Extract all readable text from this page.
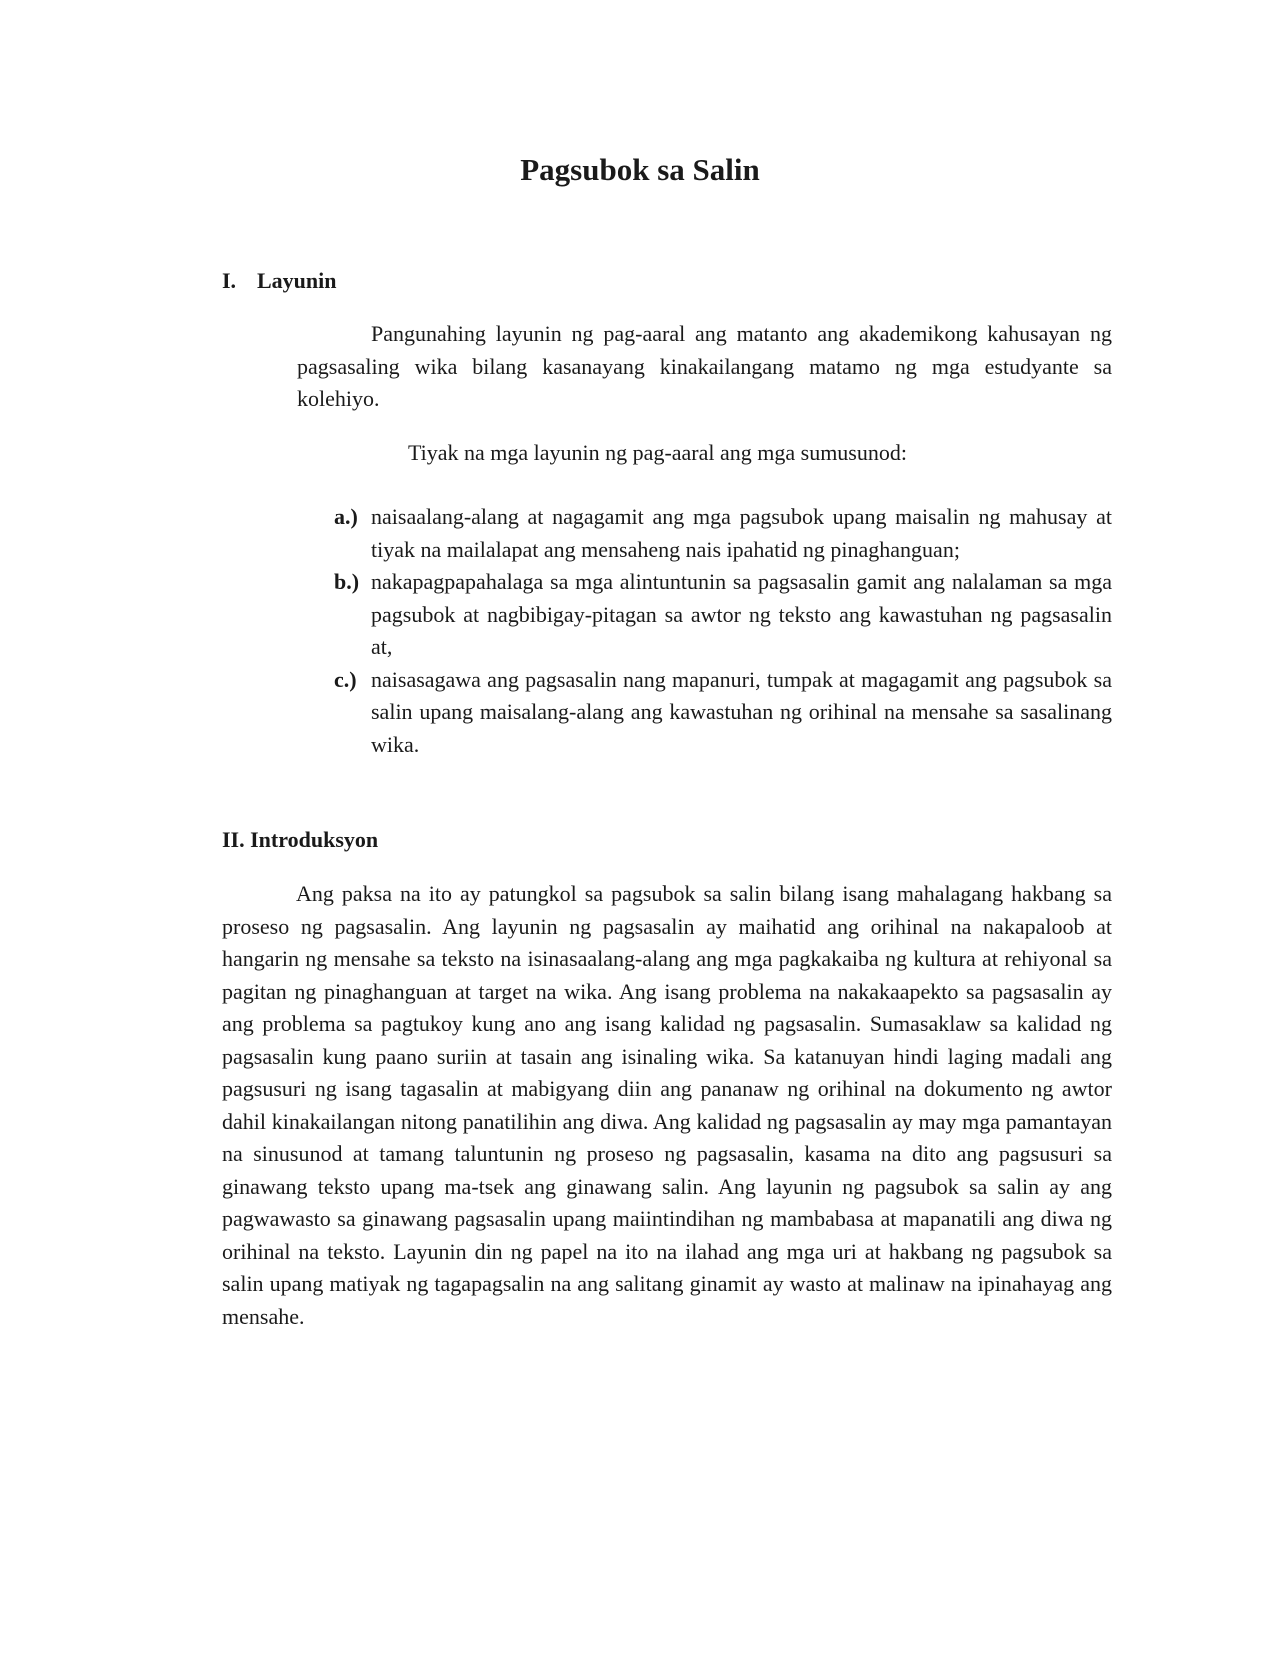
Pagsubok sa Salin
I. Layunin

Pangunahing layunin ng pag-aaral ang matanto ang akademikong kahusayan ng pagsasaling wika bilang kasanayang kinakailangang matamo ng mga estudyante sa kolehiyo.

Tiyak na mga layunin ng pag-aaral ang mga sumusunod:

a.) naisaalang-alang at nagagamit ang mga pagsubok upang maisalin ng mahusay at tiyak na mailalapat ang mensaheng nais ipahatid ng pinaghanguan;
b.) nakapagpapahalaga sa mga alintuntunin sa pagsasalin gamit ang nalalaman sa mga pagsubok at nagbibigay-pitagan sa awtor ng teksto ang kawastuhan ng pagsasalin at,
c.) naisasagawa ang pagsasalin nang mapanuri, tumpak at magagamit ang pagsubok sa salin upang maisalang-alang ang kawastuhan ng orihinal na mensahe sa sasalinang wika.
II. Introduksyon

Ang paksa na ito ay patungkol sa pagsubok sa salin bilang isang mahalagang hakbang sa proseso ng pagsasalin. Ang layunin ng pagsasalin ay maihatid ang orihinal na nakapaloob at hangarin ng mensahe sa teksto na isinasaalang-alang ang mga pagkakaiba ng kultura at rehiyonal sa pagitan ng pinaghanguan at target na wika. Ang isang problema na nakakaapekto sa pagsasalin ay ang problema sa pagtukoy kung ano ang isang kalidad ng pagsasalin. Sumasaklaw sa kalidad ng pagsasalin kung paano suriin at tasain ang isinaling wika. Sa katanuyan hindi laging madali ang pagsusuri ng isang tagasalin at mabigyang diin ang pananaw ng orihinal na dokumento ng awtor dahil kinakailangan nitong panatilihin ang diwa. Ang kalidad ng pagsasalin ay may mga pamantayan na sinusunod at tamang taluntunin ng proseso ng pagsasalin, kasama na dito ang pagsusuri sa ginawang teksto upang ma-tsek ang ginawang salin. Ang layunin ng pagsubok sa salin ay ang pagwawasto sa ginawang pagsasalin upang maiintindihan ng mambabasa at mapanatili ang diwa ng orihinal na teksto. Layunin din ng papel na ito na ilahad ang mga uri at hakbang ng pagsubok sa salin upang matiyak ng tagapagsalin na ang salitang ginamit ay wasto at malinaw na ipinahayag ang mensahe.
